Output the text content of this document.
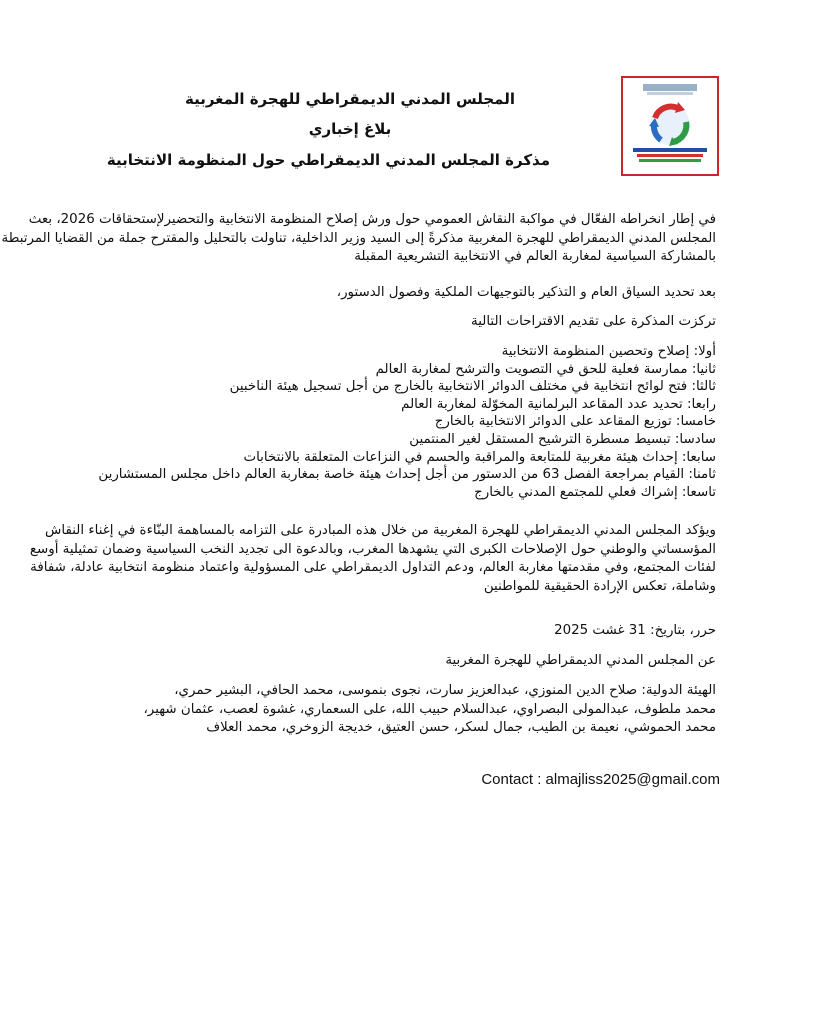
المجلس المدني الديمقراطي للهجرة المغربية
بلاغ إخباري
مذكرة المجلس المدني الديمقراطي حول المنظومة الانتخابية
في إطار انخراطه الفعّال في مواكبة النقاش العمومي حول ورش إصلاح المنظومة الانتخابية والتحضيرلإستحقاقات 2026، بعث
المجلس المدني الديمقراطي للهجرة المغربية مذكرةً إلى السيد وزير الداخلية، تناولت بالتحليل والمقترح جملة من القضايا المرتبطة
بالمشاركة السياسية لمغاربة العالم في الانتخابية التشريعية المقبلة
بعد تحديد السياق العام و التذكير بالتوجيهات الملكية وفصول الدستور،
تركزت المذكرة على تقديم الاقتراحات التالية
أولا: إصلاح وتحصين المنظومة الانتخابية
ثانيا: ممارسة فعلية للحق في التصويت والترشح لمغاربة العالم
ثالثا: فتح لوائح انتخابية في مختلف الدوائر الانتخابية بالخارج من أجل تسجيل هيئة الناخبين
رابعا: تحديد عدد المقاعد البرلمانية المخوّلة لمغاربة العالم
خامسا: توزيع المقاعد على الدوائر الانتخابية بالخارج
سادسا: تبسيط مسطرة الترشيح المستقل لغير المنتمين
سابعا: إحداث هيئة مغربية للمتابعة والمراقبة والحسم في النزاعات المتعلقة بالانتخابات
ثامنا: القيام بمراجعة الفصل 63 من الدستور من أجل إحداث هيئة خاصة بمغاربة العالم داخل مجلس المستشارين
تاسعا: إشراك فعلي للمجتمع المدني بالخارج
ويؤكد المجلس المدني الديمقراطي للهجرة المغربية من خلال هذه المبادرة على التزامه بالمساهمة البنّاءة في إغناء النقاش
المؤسساتي والوطني حول الإصلاحات الكبرى التي يشهدها المغرب، وبالدعوة الى تجديد النخب السياسية وضمان تمثيلية أوسع
لفئات المجتمع، وفي مقدمتها مغاربة العالم، ودعم التداول الديمقراطي على المسؤولية واعتماد منظومة انتخابية عادلة، شفافة
وشاملة، تعكس الإرادة الحقيقية للمواطنين
حرر، بتاريخ: 31 غشت 2025
عن المجلس المدني الديمقراطي للهجرة المغربية
الهيئة الدولية: صلاح الدين المنوزي، عبدالعزيز سارت، نجوى بنموسى، محمد الحافي، البشير حمري،
محمد ملطوف، عبدالمولى البصراوي، عبدالسلام حبيب الله، على السعماري، غشوة لعصب، عثمان شهير،
محمد الحموشي، نعيمة بن الطيب، جمال لسكر، حسن العتيق، خديجة الزوخري، محمد العلاف
Contact : almajliss2025@gmail.com
